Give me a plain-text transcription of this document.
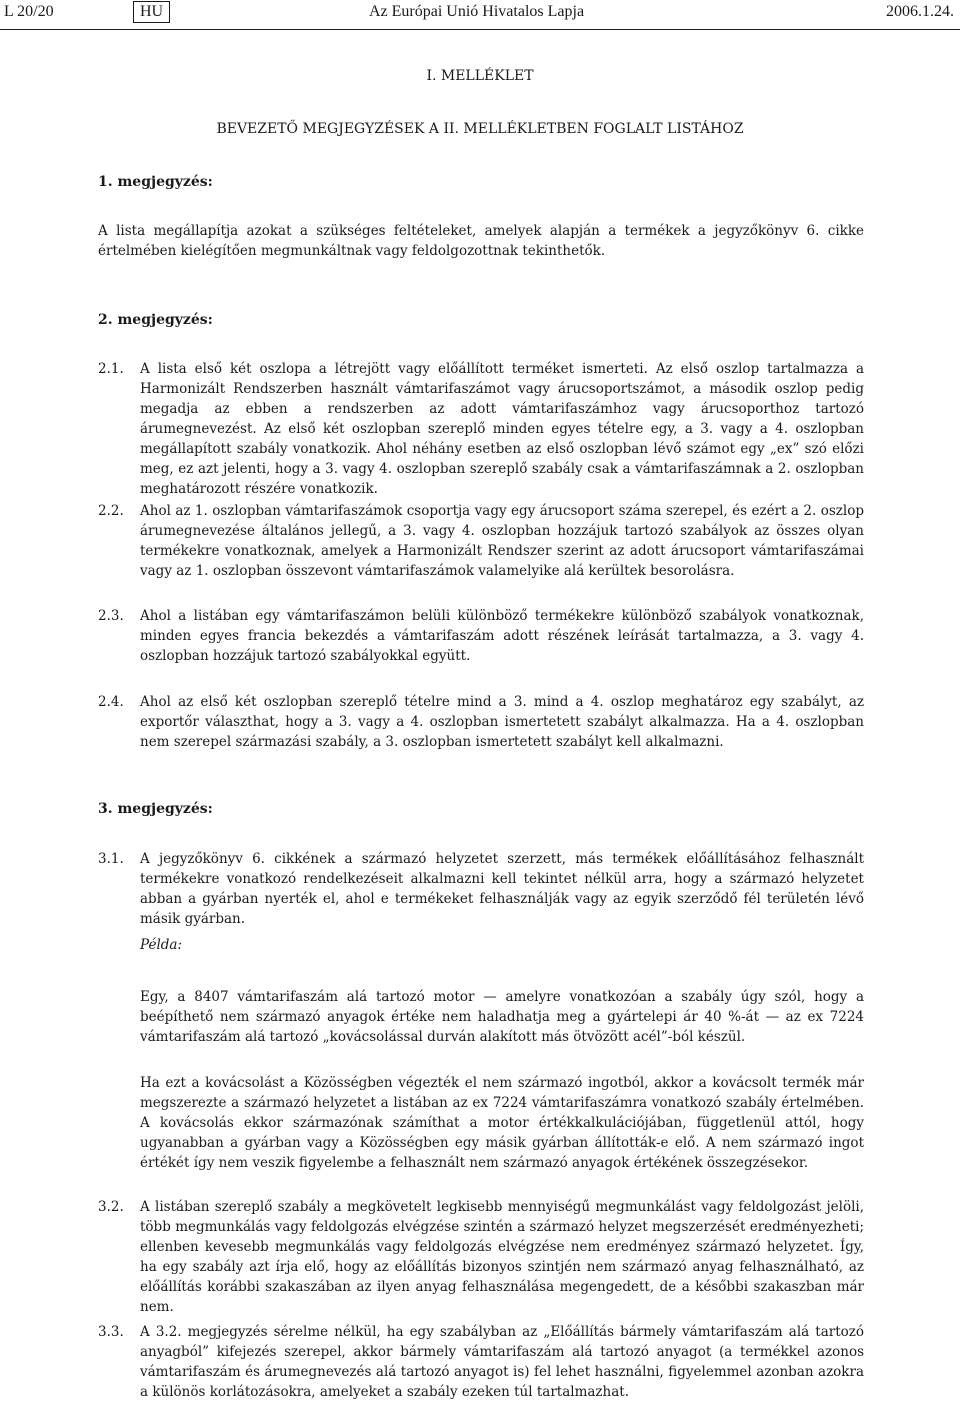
L 20/20	HU	Az Európai Unió Hivatalos Lapja	2006.1.24.
I. MELLÉKLET
BEVEZETŐ MEGJEGYZÉSEK A II. MELLÉKLETBEN FOGLALT LISTÁHOZ
1. megjegyzés:
A lista megállapítja azokat a szükséges feltételeket, amelyek alapján a termékek a jegyzőkönyv 6. cikke értelmében kielégítően megmunkáltnak vagy feldolgozottnak tekinthetők.
2. megjegyzés:
2.1. A lista első két oszlopa a létrejött vagy előállított terméket ismerteti. Az első oszlop tartalmazza a Harmonizált Rendszerben használt vámtarifaszámot vagy árucsoportszámot, a második oszlop pedig megadja az ebben a rendszerben az adott vámtarifaszámhoz vagy árucsoporthoz tartozó árumegnevezést. Az első két oszlopban szereplő minden egyes tételre egy, a 3. vagy a 4. oszlopban megállapított szabály vonatkozik. Ahol néhány esetben az első oszlopban lévő számot egy „ex” szó előzi meg, ez azt jelenti, hogy a 3. vagy 4. oszlopban szereplő szabály csak a vámtarifaszámnak a 2. oszlopban meghatározott részére vonatkozik.
2.2. Ahol az 1. oszlopban vámtarifaszámok csoportja vagy egy árucsoport száma szerepel, és ezért a 2. oszlop árumegnevezése általános jellegű, a 3. vagy 4. oszlopban hozzájuk tartozó szabályok az összes olyan termékekre vonatkoznak, amelyek a Harmonizált Rendszer szerint az adott árucsoport vámtarifaszámai vagy az 1. oszlopban összevont vámtarifaszámok valamelyike alá kerültek besorolásra.
2.3. Ahol a listában egy vámtarifaszámon belüli különböző termékekre különböző szabályok vonatkoznak, minden egyes francia bekezdés a vámtarifaszám adott részének leírását tartalmazza, a 3. vagy 4. oszlopban hozzájuk tartozó szabályokkal együtt.
2.4. Ahol az első két oszlopban szereplő tételre mind a 3. mind a 4. oszlop meghatároz egy szabályt, az exportőr választhat, hogy a 3. vagy a 4. oszlopban ismertetett szabályt alkalmazza. Ha a 4. oszlopban nem szerepel származási szabály, a 3. oszlopban ismertetett szabályt kell alkalmazni.
3. megjegyzés:
3.1. A jegyzőkönyv 6. cikkének a származó helyzetet szerzett, más termékek előállításához felhasznált termékekre vonatkozó rendelkezéseit alkalmazni kell tekintet nélkül arra, hogy a származó helyzetet abban a gyárban nyerték el, ahol e termékeket felhasználják vagy az egyik szerződő fél területén lévő másik gyárban.
Példa:
Egy, a 8407 vámtarifaszám alá tartozó motor — amelyre vonatkozóan a szabály úgy szól, hogy a beépíthető nem származó anyagok értéke nem haladhatja meg a gyártelepi ár 40 %-át — az ex 7224 vámtarifaszám alá tartozó „kovácsolással durván alakított más ötvözött acél”-ból készül.
Ha ezt a kovácsolást a Közösségben végezték el nem származó ingotból, akkor a kovácsolt termék már megszerezte a származó helyzetet a listában az ex 7224 vámtarifaszámra vonatkozó szabály értelmében. A kovácsolás ekkor származónak számíthat a motor értékkalkulációjában, függetlenül attól, hogy ugyanabban a gyárban vagy a Közösségben egy másik gyárban állították-e elő. A nem származó ingot értékét így nem veszik figyelembe a felhasznált nem származó anyagok értékének összegzésekor.
3.2. A listában szereplő szabály a megkövetelt legkisebb mennyiségű megmunkálást vagy feldolgozást jelöli, több megmunkálás vagy feldolgozás elvégzése szintén a származó helyzet megszerzését eredményezheti; ellenben kevesebb megmunkálás vagy feldolgozás elvégzése nem eredményez származó helyzetet. Így, ha egy szabály azt írja elő, hogy az előállítás bizonyos szintjén nem származó anyag felhasználható, az előállítás korábbi szakaszában az ilyen anyag felhasználása megengedett, de a későbbi szakaszban már nem.
3.3. A 3.2. megjegyzés sérelme nélkül, ha egy szabályban az „Előállítás bármely vámtarifaszám alá tartozó anyagból” kifejezés szerepel, akkor bármely vámtarifaszám alá tartozó anyagot (a termékkel azonos vámtarifaszám és árumegnevezés alá tartozó anyagot is) fel lehet használni, figyelemmel azonban azokra a különös korlátozásokra, amelyeket a szabály ezeken túl tartalmazhat.
